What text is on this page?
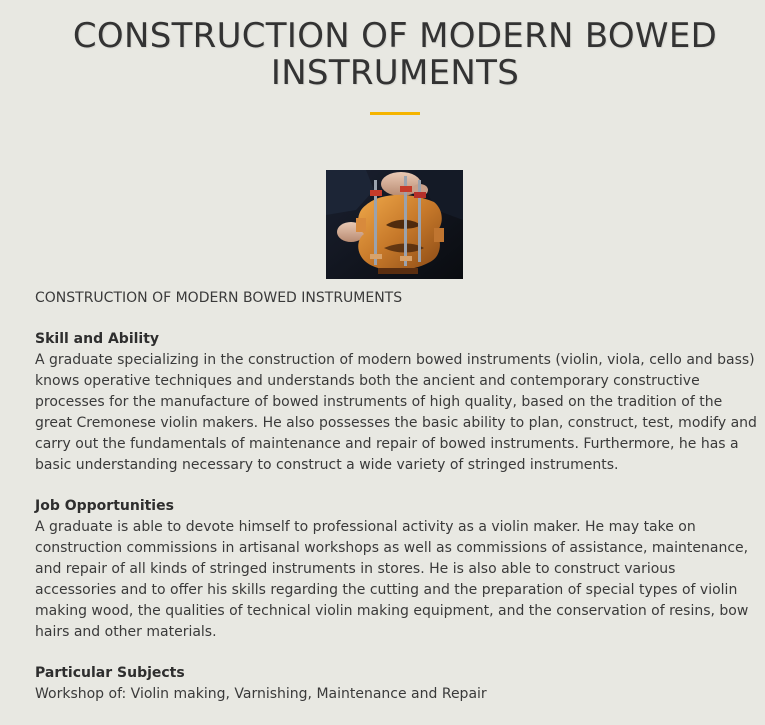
CONSTRUCTION OF MODERN BOWED INSTRUMENTS

CONSTRUCTION OF MODERN BOWED INSTRUMENTS

Skill and Ability

A graduate specializing in the construction of modern bowed instruments (violin, viola, cello and bass) knows operative techniques and understands both the ancient and contemporary constructive processes for the manufacture of bowed instruments of high quality, based on the tradition of the great Cremonese violin makers. He also possesses the basic ability to plan, construct, test, modify and carry out the fundamentals of maintenance and repair of bowed instruments. Furthermore, he has a basic understanding necessary to construct a wide variety of stringed instruments.

Job Opportunities

A graduate is able to devote himself to professional activity as a violin maker. He may take on construction commissions in artisanal workshops as well as commissions of assistance, maintenance, and repair of all kinds of stringed instruments in stores. He is also able to construct various accessories and to offer his skills regarding the cutting and the preparation of special types of violin making wood, the qualities of technical violin making equipment, and the conservation of resins, bow hairs and other materials.

Particular Subjects

Workshop of: Violin making, Varnishing, Maintenance and Repair
